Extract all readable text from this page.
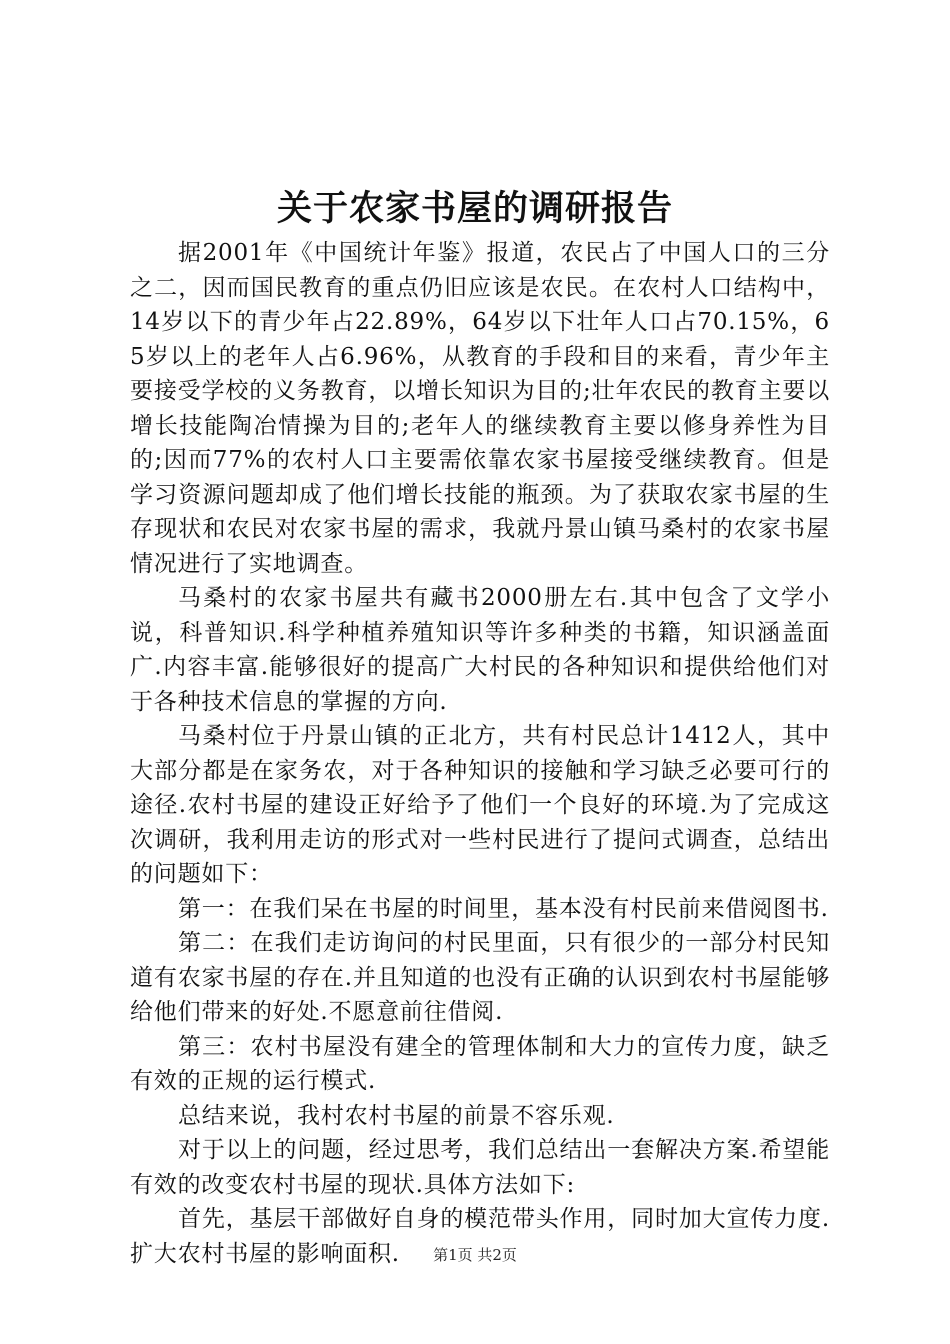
关于农家书屋的调研报告

据2001年《中国统计年鉴》报道，农民占了中国人口的三分之二，因而国民教育的重点仍旧应该是农民。在农村人口结构中，14岁以下的青少年占22.89%，64岁以下壮年人口占70.15%，65岁以上的老年人占6.96%，从教育的手段和目的来看，青少年主要接受学校的义务教育，以增长知识为目的;壮年农民的教育主要以增长技能陶冶情操为目的;老年人的继续教育主要以修身养性为目的;因而77%的农村人口主要需依靠农家书屋接受继续教育。但是学习资源问题却成了他们增长技能的瓶颈。为了获取农家书屋的生存现状和农民对农家书屋的需求，我就丹景山镇马桑村的农家书屋情况进行了实地调查。

马桑村的农家书屋共有藏书2000册左右.其中包含了文学小说，科普知识.科学种植养殖知识等许多种类的书籍，知识涵盖面广.内容丰富.能够很好的提高广大村民的各种知识和提供给他们对于各种技术信息的掌握的方向.

马桑村位于丹景山镇的正北方，共有村民总计1412人，其中大部分都是在家务农，对于各种知识的接触和学习缺乏必要可行的途径.农村书屋的建设正好给予了他们一个良好的环境.为了完成这次调研，我利用走访的形式对一些村民进行了提问式调查，总结出的问题如下：

第一：在我们呆在书屋的时间里，基本没有村民前来借阅图书.

第二：在我们走访询问的村民里面，只有很少的一部分村民知道有农家书屋的存在.并且知道的也没有正确的认识到农村书屋能够给他们带来的好处.不愿意前往借阅.

第三：农村书屋没有建全的管理体制和大力的宣传力度，缺乏有效的正规的运行模式.

总结来说，我村农村书屋的前景不容乐观.

对于以上的问题，经过思考，我们总结出一套解决方案.希望能有效的改变农村书屋的现状.具体方法如下:

首先，基层干部做好自身的模范带头作用，同时加大宣传力度.扩大农村书屋的影响面积.	第1页 共2页
